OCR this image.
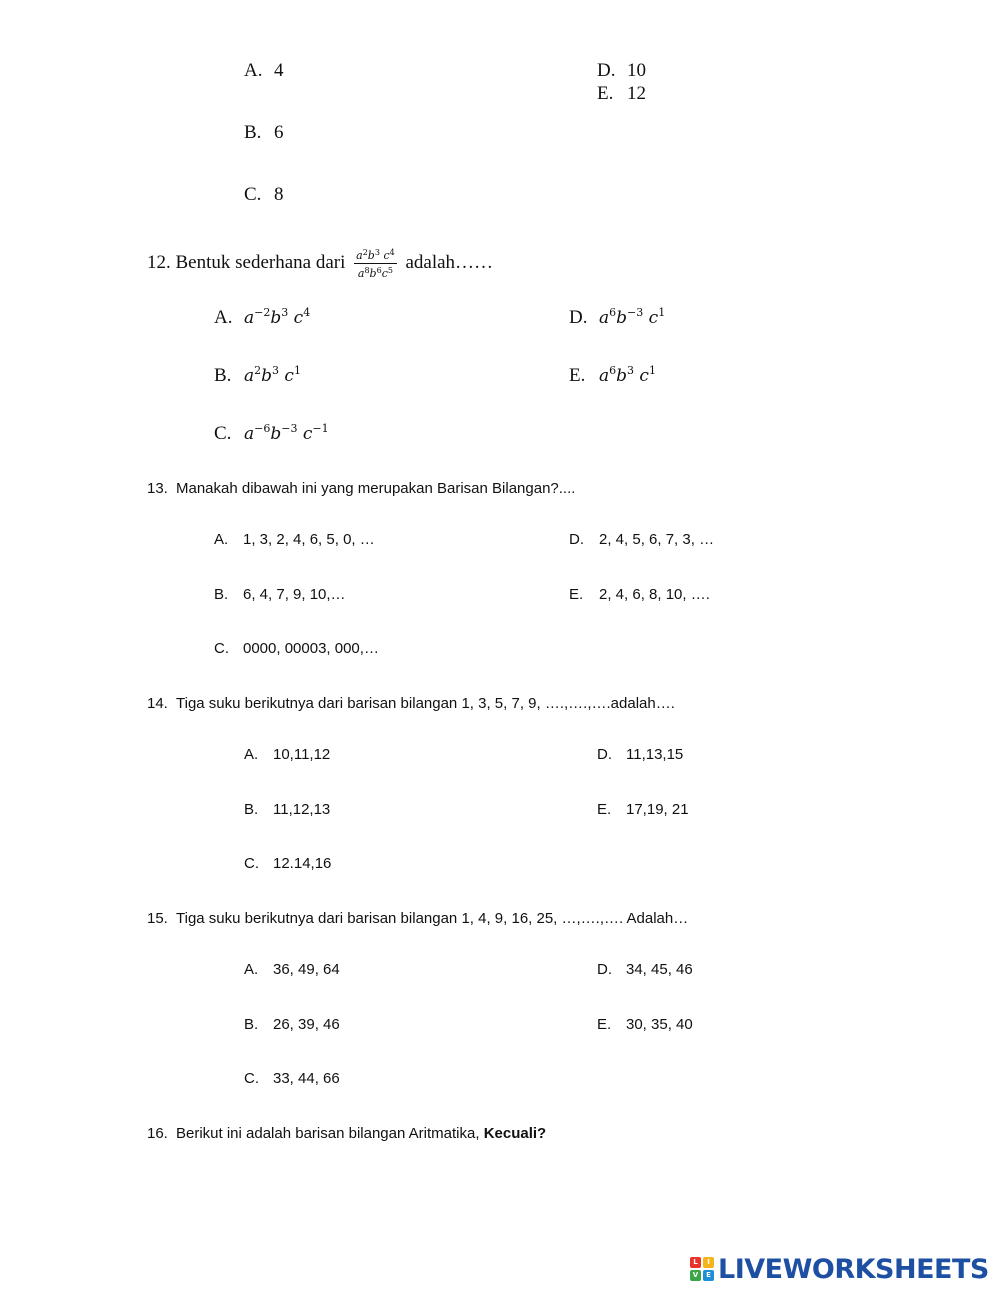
A. 4
B. 6
C. 8
D. 10
E. 12
12. Bentuk sederhana dari $\frac{a^2b^3 c^4}{a^8b^6c^5}$ adalah……
A. $a^{-2}b^3$ $c^4$
B. $a^2b^3$ $c^1$
C. $a^{-6}b^{-3}$ $c^{-1}$
D. $a^6b^{-3}$ $c^1$
E. $a^6b^3$ $c^1$
13. Manakah dibawah ini yang merupakan Barisan Bilangan?....
A. 1, 3, 2, 4, 6, 5, 0, …
B. 6, 4, 7, 9, 10,…
C. 0000, 00003, 000,…
D. 2, 4, 5, 6, 7, 3, …
E. 2, 4, 6, 8, 10, ….
14. Tiga suku berikutnya dari barisan bilangan 1, 3, 5, 7, 9, ….,….,….adalah….
A. 10,11,12
B. 11,12,13
C. 12.14,16
D. 11,13,15
E. 17,19, 21
15. Tiga suku berikutnya dari barisan bilangan 1, 4, 9, 16, 25, …,….,…. Adalah…
A. 36, 49, 64
B. 26, 39, 46
C. 33, 44, 66
D. 34, 45, 46
E. 30, 35, 40
16. Berikut ini adalah barisan bilangan Aritmatika, Kecuali?
L	I
V	E LIVEWORKSHEETS
